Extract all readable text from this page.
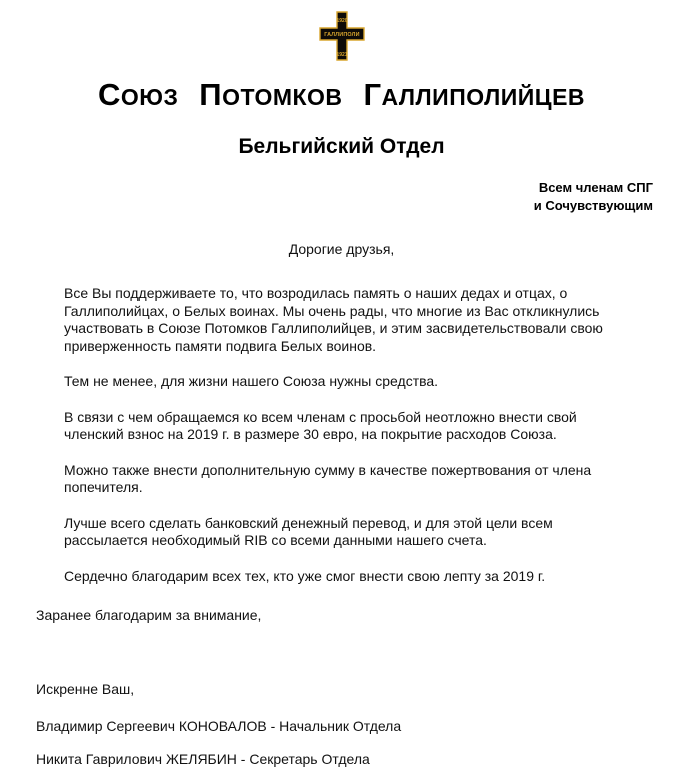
1920
ГАЛЛИПОЛИ
1921
СОЮЗ ПОТОМКОВ ГАЛЛИПОЛИЙЦЕВ
Бельгийский Отдел
Всем членам СПГ
и Сочувствующим
Дорогие друзья,

Все Вы поддерживаете то, что возродилась память о наших дедах и отцах, о Галлиполийцах, о Белых воинах. Мы очень рады, что многие из Вас откликнулись участвовать в Союзе Потомков Галлиполийцев, и этим засвидетельствовали свою приверженность памяти подвига Белых воинов.

Тем не менее, для жизни нашего Союза нужны средства.

В связи с чем обращаемся ко всем членам с просьбой неотложно внести свой членский взнос на 2019 г. в размере 30 евро, на покрытие расходов Союза.

Можно также внести дополнительную сумму в качестве пожертвования от члена попечителя.

Лучше всего сделать банковский денежный перевод, и для этой цели всем рассылается необходимый RIB со всеми данными нашего счета.

Сердечно благодарим всех тех, кто уже смог внести свою лепту за 2019 г.

Заранее благодарим за внимание,
Искренне Ваш,
Владимир Сергеевич КОНОВАЛОВ - Начальник Отдела
Никита Гаврилович ЖЕЛЯБИН - Секретарь Отдела
